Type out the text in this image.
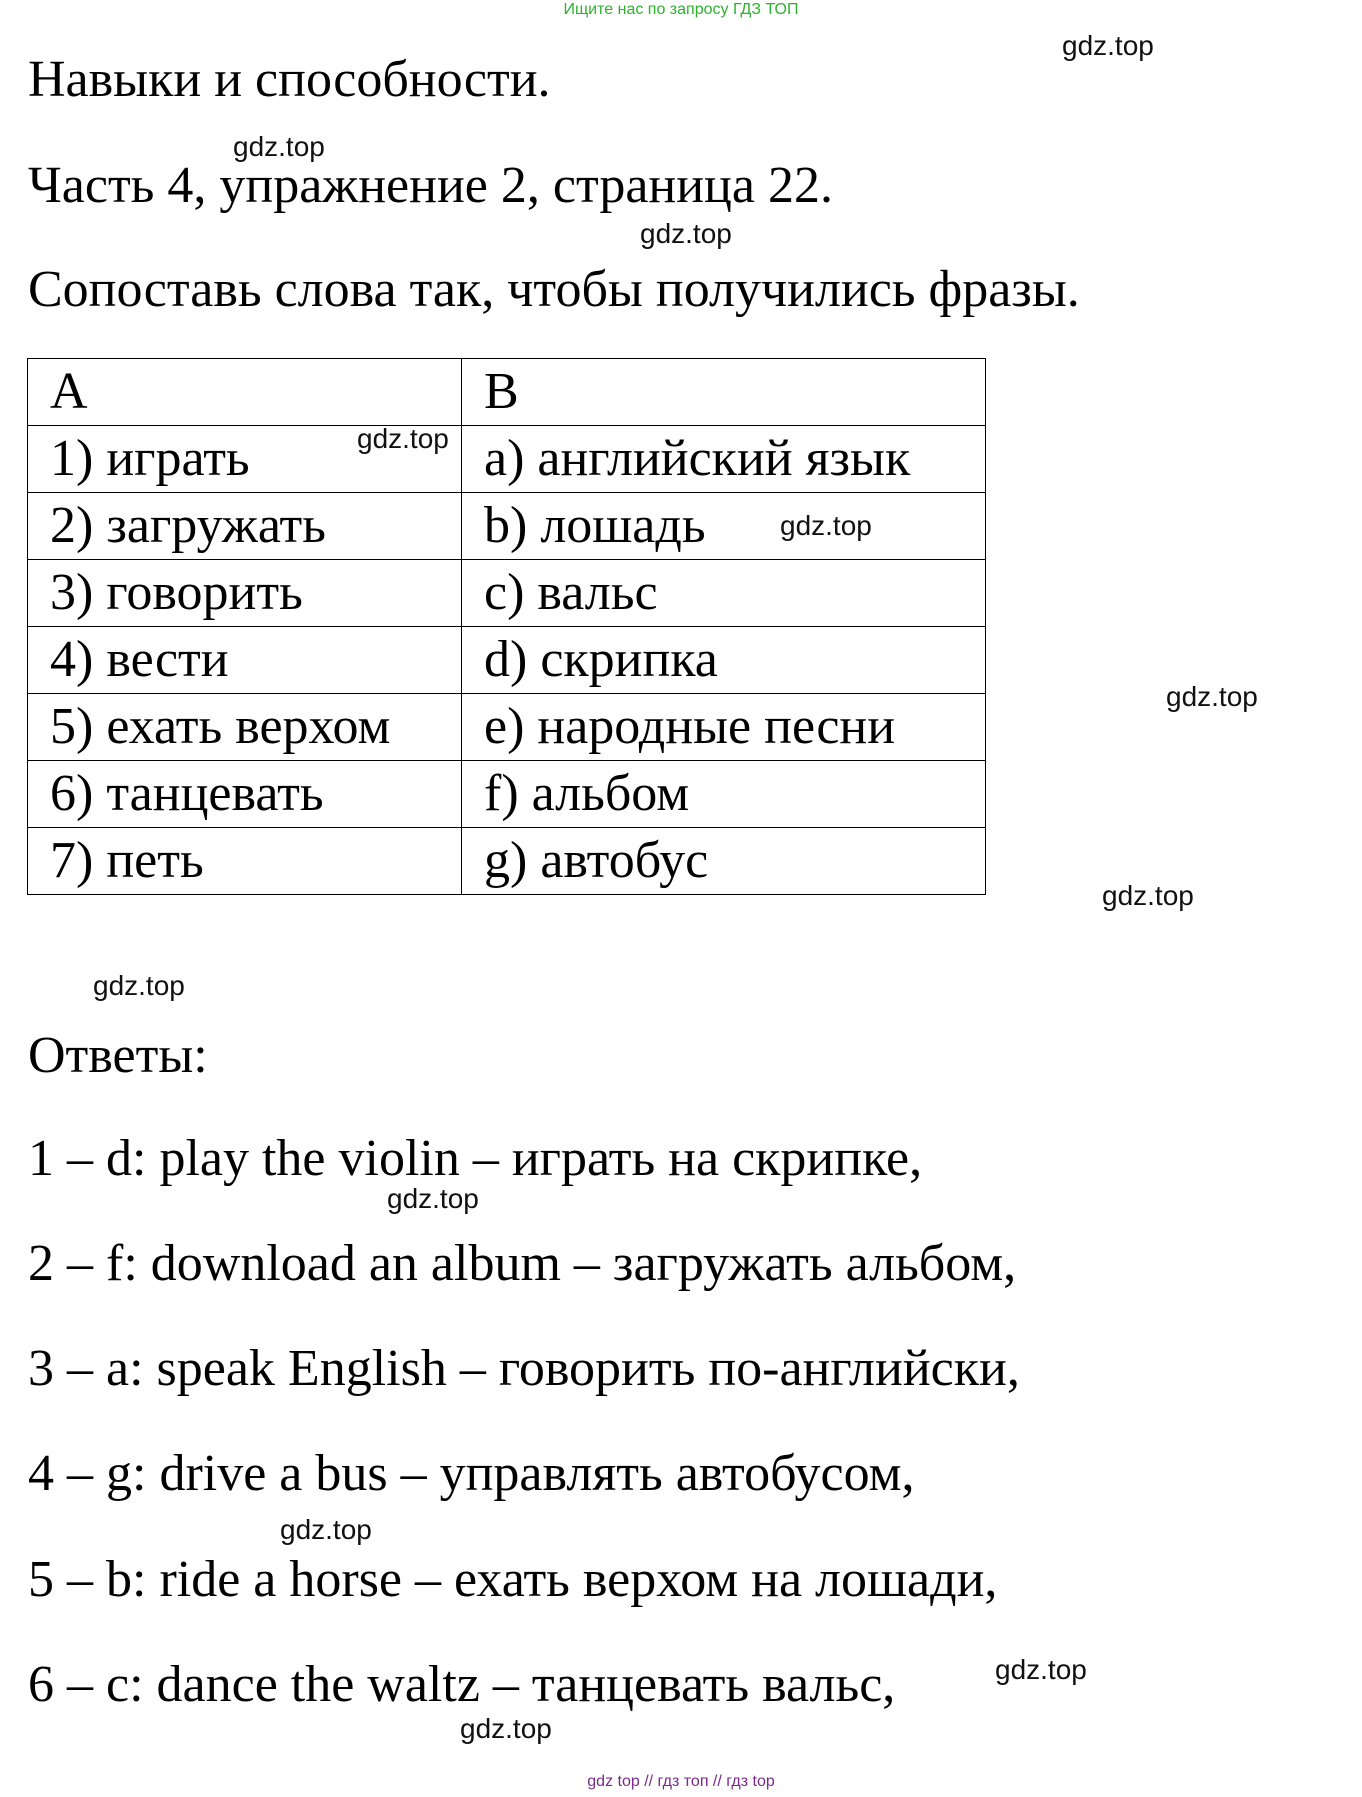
Ищите нас по запросу ГДЗ ТОП
Навыки и способности.
Часть 4, упражнение 2, страница 22.
Сопоставь слова так, чтобы получились фразы.
A	B
1) играть	a) английский язык
2) загружать	b) лошадь
3) говорить	c) вальс
4) вести	d) скрипка
5) ехать верхом	e) народные песни
6) танцевать	f) альбом
7) петь	g) автобус
Ответы:
1 – d: play the violin – играть на скрипке,
2 – f: download an album – загружать альбом,
3 – a: speak English – говорить по-английски,
4 – g: drive a bus – управлять автобусом,
5 – b: ride a horse – ехать верхом на лошади,
6 – c: dance the waltz – танцевать вальс,
gdz.top
gdz.top
gdz.top
gdz.top
gdz.top
gdz.top
gdz.top
gdz.top
gdz.top
gdz.top
gdz.top
gdz.top
gdz top // гдз топ // гдз top
